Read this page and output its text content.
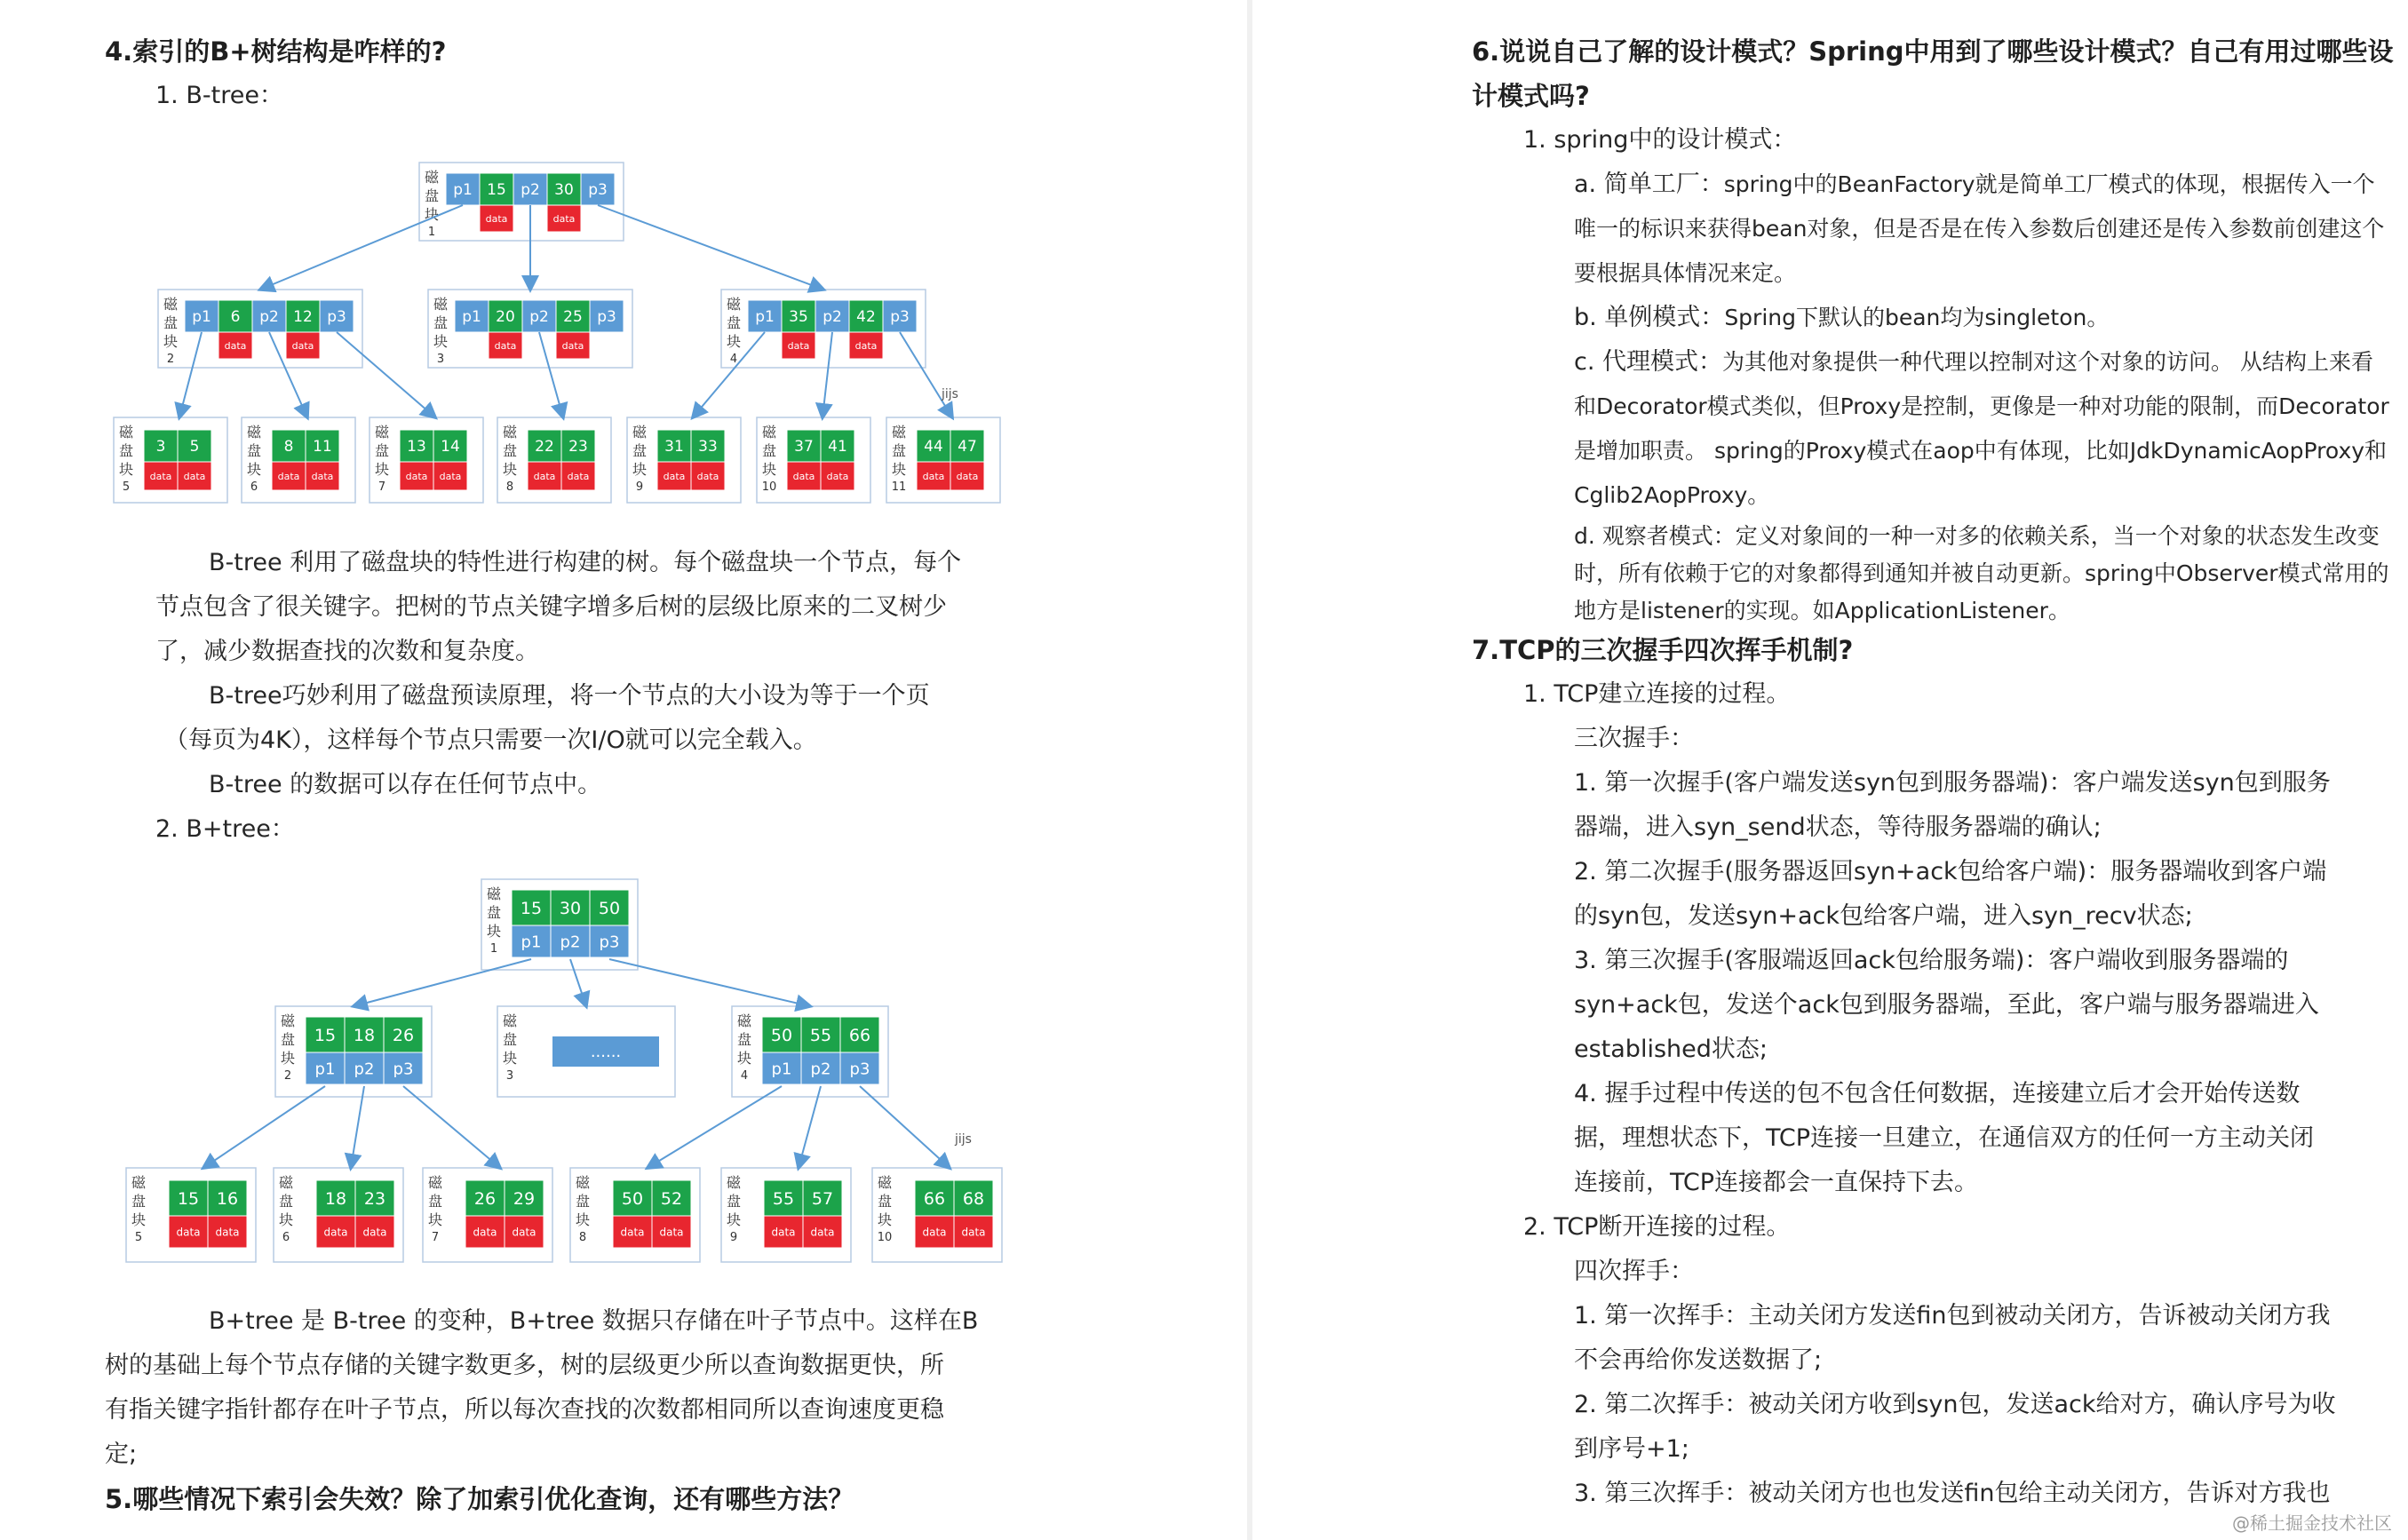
4.索引的B+树结构是咋样的?
1. B-tree：
磁
盘
块
1
p1 15
data
p2 30
data
p3
磁
盘
块
2
p1 6
data
p2 12
data
p3
磁
盘
块
3
p1 20
data
p2 25
data
p3
磁
盘
块
4
p1 35
data
p2 42
data
p3
磁
盘
块
5
3
data
5
data
磁
盘
块
6
8
data
11
data
磁
盘
块
7
13
data
14
data
磁
盘
块
8
22
data
23
data
磁
盘
块
9
31
data
33
data
磁
盘
块
10
37
data
41
data
磁
盘
块
11
44
data
47
data
jijs
B-tree 利用了磁盘块的特性进行构建的树。每个磁盘块一个节点，每个
节点包含了很关键字。把树的节点关键字增多后树的层级比原来的二叉树少
了，减少数据查找的次数和复杂度。
B-tree巧妙利用了磁盘预读原理，将一个节点的大小设为等于一个页
（每页为4K），这样每个节点只需要一次I/O就可以完全载入。
B-tree 的数据可以存在任何节点中。
2. B+tree：
磁
盘
块
1
15 30 50
p1 p2 p3
磁
盘
块
2
15 18 26
p1 p2 p3
磁
盘
块
3
......
磁
盘
块
4
50 55 66
p1 p2 p3
磁
盘
块
5
15
data
16
data
磁
盘
块
6
18
data
23
data
磁
盘
块
7
26
data
29
data
磁
盘
块
8
50
data
52
data
磁
盘
块
9
55
data
57
data
磁
盘
块
10
66
data
68
data
jijs
B+tree 是 B-tree 的变种，B+tree 数据只存储在叶子节点中。这样在B
树的基础上每个节点存储的关键字数更多，树的层级更少所以查询数据更快，所
有指关键字指针都存在叶子节点，所以每次查找的次数都相同所以查询速度更稳
定;
5.哪些情况下索引会失效？除了加索引优化查询，还有哪些方法？
6.说说自己了解的设计模式？Spring中用到了哪些设计模式？自己有用过哪些设
计模式吗?
1. spring中的设计模式：
a. 简单工厂：spring中的BeanFactory就是简单工厂模式的体现，根据传入一个
唯一的标识来获得bean对象，但是否是在传入参数后创建还是传入参数前创建这个
要根据具体情况来定。
b. 单例模式：Spring下默认的bean均为singleton。
c. 代理模式：为其他对象提供一种代理以控制对这个对象的访问。 从结构上来看
和Decorator模式类似，但Proxy是控制，更像是一种对功能的限制，而Decorator
是增加职责。 spring的Proxy模式在aop中有体现，比如JdkDynamicAopProxy和
Cglib2AopProxy。
d. 观察者模式：定义对象间的一种一对多的依赖关系，当一个对象的状态发生改变
时，所有依赖于它的对象都得到通知并被自动更新。spring中Observer模式常用的
地方是listener的实现。如ApplicationListener。
7.TCP的三次握手四次挥手机制?
1. TCP建立连接的过程。
三次握手：
1. 第一次握手(客户端发送syn包到服务器端)：客户端发送syn包到服务
器端，进入syn_send状态，等待服务器端的确认;
2. 第二次握手(服务器返回syn+ack包给客户端)：服务器端收到客户端
的syn包，发送syn+ack包给客户端，进入syn_recv状态;
3. 第三次握手(客服端返回ack包给服务端)：客户端收到服务器端的
syn+ack包，发送个ack包到服务器端，至此，客户端与服务器端进入
established状态;
4. 握手过程中传送的包不包含任何数据，连接建立后才会开始传送数
据，理想状态下，TCP连接一旦建立，在通信双方的任何一方主动关闭
连接前，TCP连接都会一直保持下去。
2. TCP断开连接的过程。
四次挥手：
1. 第一次挥手：主动关闭方发送fin包到被动关闭方，告诉被动关闭方我
不会再给你发送数据了;
2. 第二次挥手：被动关闭方收到syn包，发送ack给对方，确认序号为收
到序号+1;
3. 第三次挥手：被动关闭方也也发送fin包给主动关闭方，告诉对方我也
@稀土掘金技术社区
